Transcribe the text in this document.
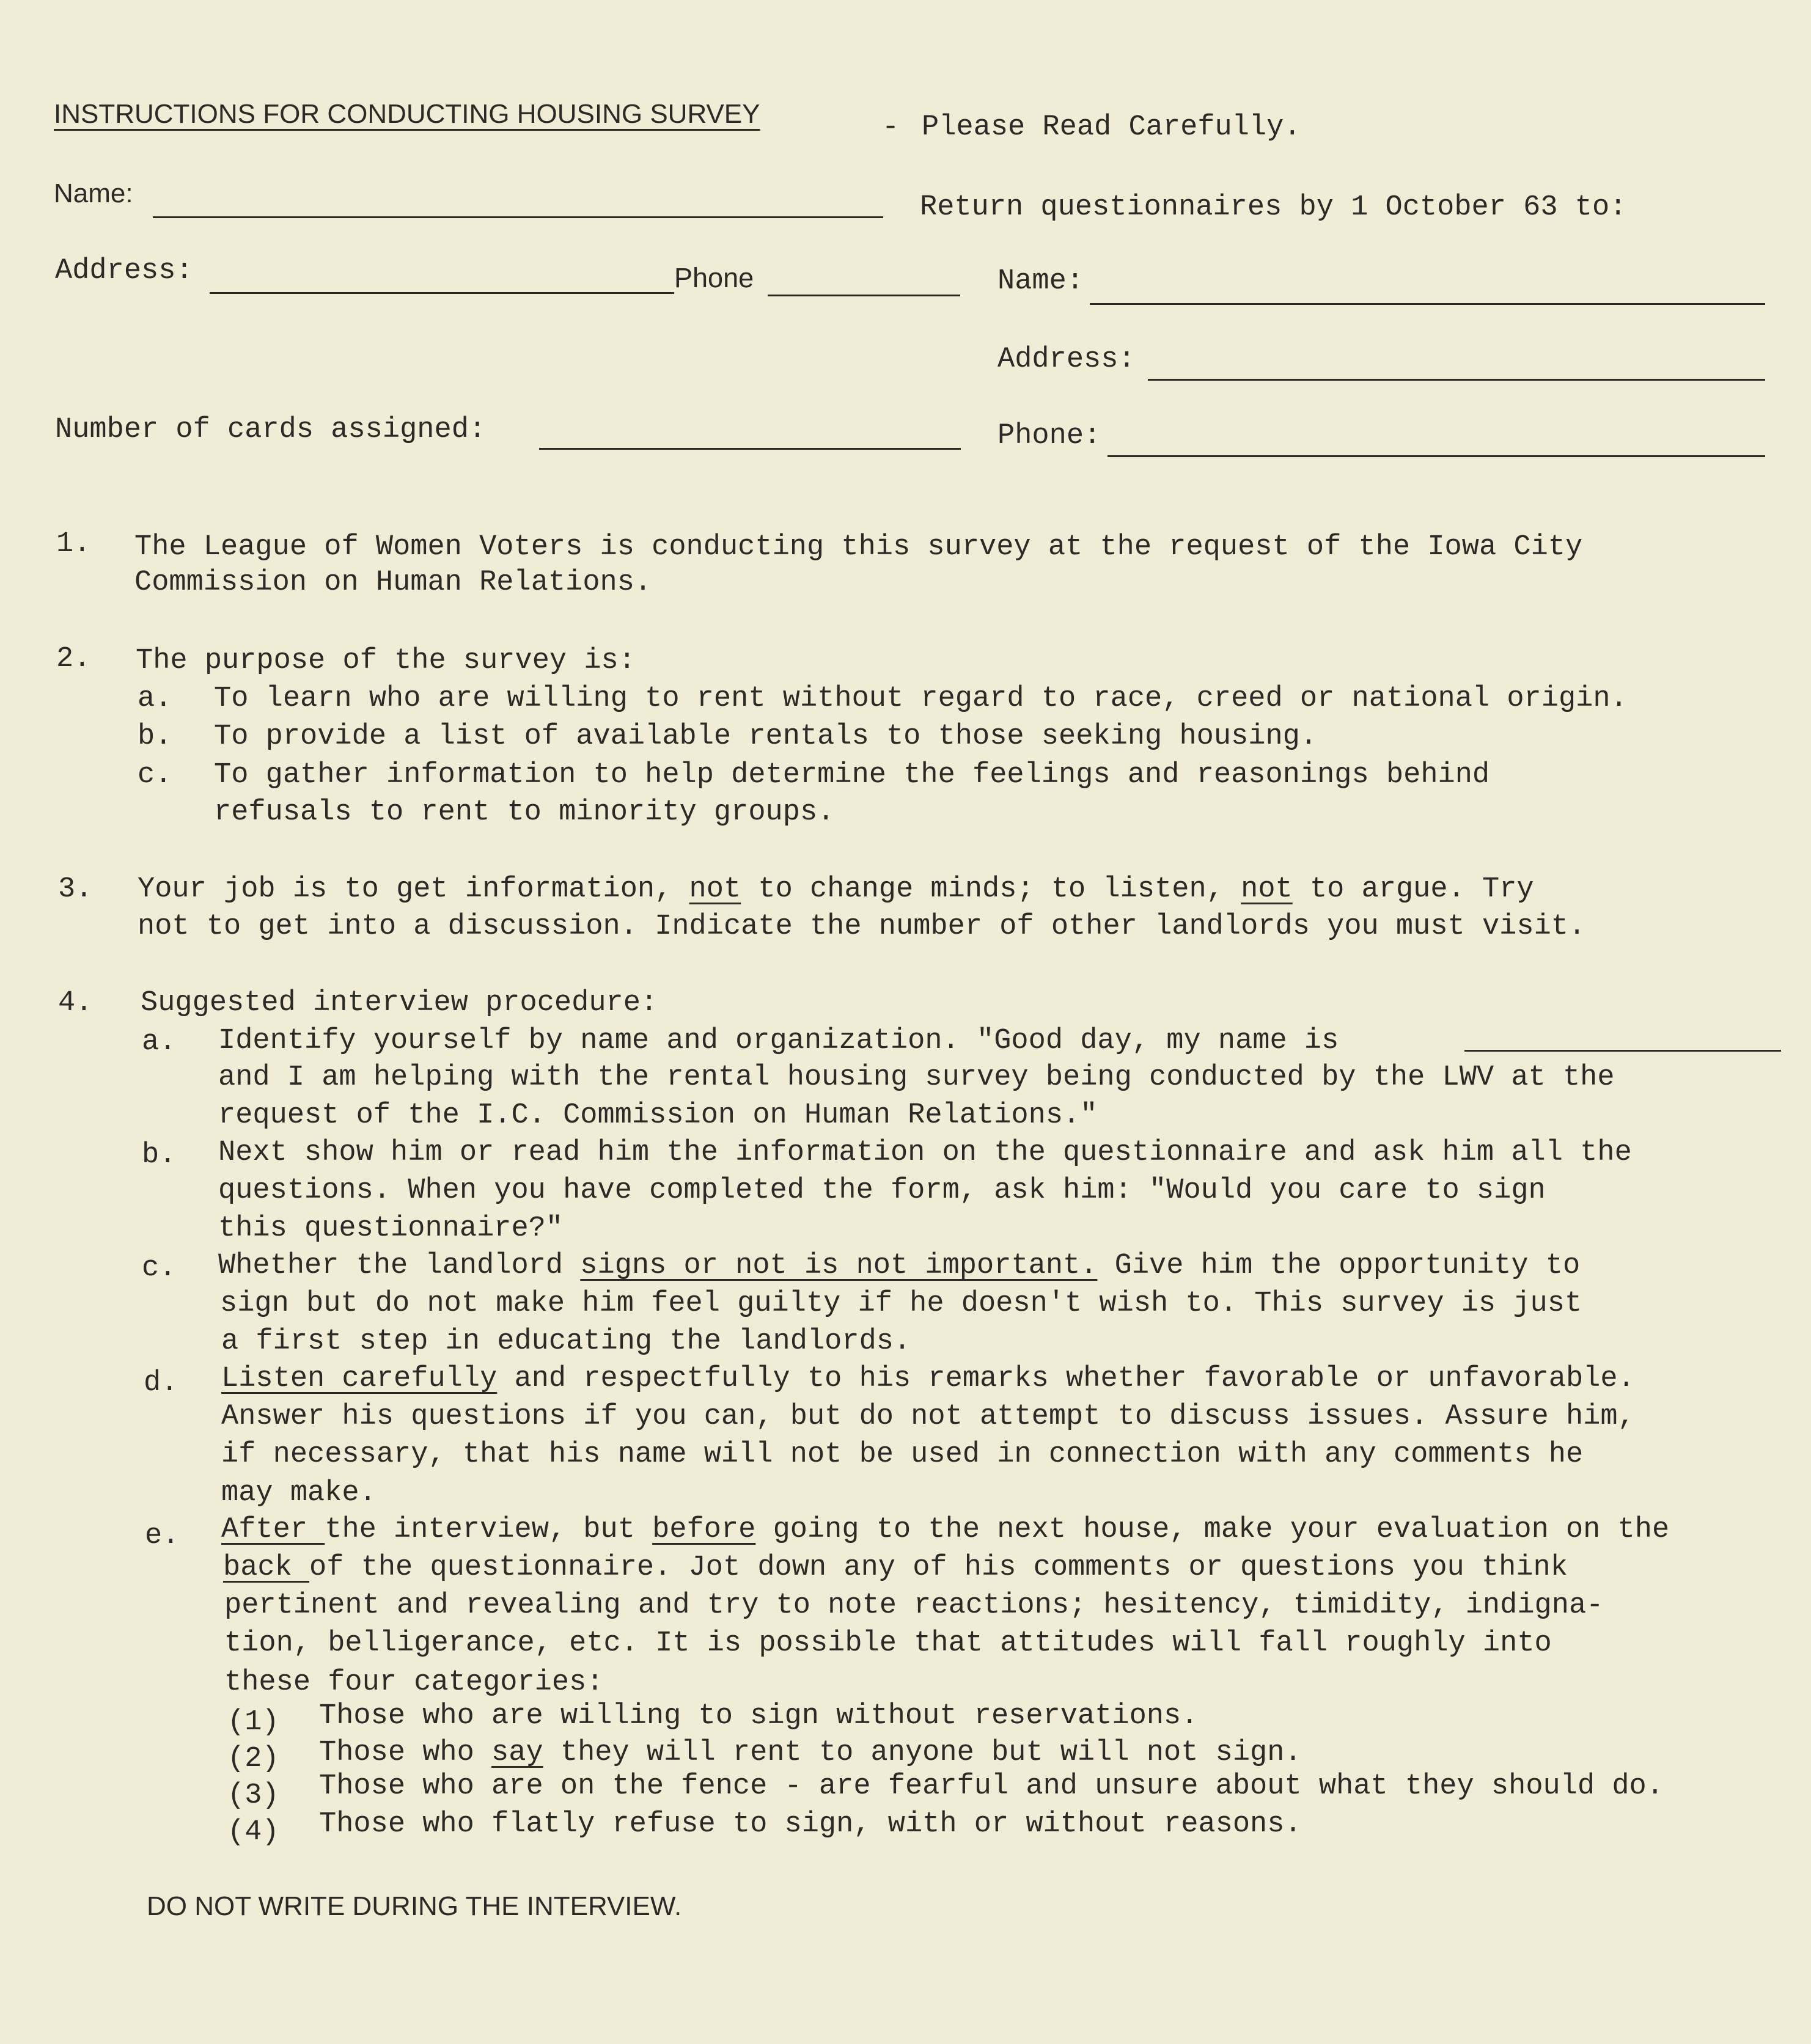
INSTRUCTIONS FOR CONDUCTING HOUSING SURVEY	- Please Read Carefully.
Name:	Return questionnaires by 1 October 63 to:
Address:	Phone	Name:
Address:
Number of cards assigned:	Phone:
1. The League of Women Voters is conducting this survey at the request of the Iowa City
Commission on Human Relations.
2. The purpose of the survey is:
a. To learn who are willing to rent without regard to race, creed or national origin.
b. To provide a list of available rentals to those seeking housing.
c. To gather information to help determine the feelings and reasonings behind
refusals to rent to minority groups.
3. Your job is to get information, not to change minds; to listen, not to argue. Try
not to get into a discussion. Indicate the number of other landlords you must visit.
4. Suggested interview procedure:
a. Identify yourself by name and organization. "Good day, my name is
and I am helping with the rental housing survey being conducted by the LWV at the
request of the I.C. Commission on Human Relations."
b. Next show him or read him the information on the questionnaire and ask him all the
questions. When you have completed the form, ask him: "Would you care to sign
this questionnaire?"
c. Whether the landlord signs or not is not important. Give him the opportunity to
sign but do not make him feel guilty if he doesn't wish to. This survey is just
a first step in educating the landlords.
d. Listen carefully and respectfully to his remarks whether favorable or unfavorable.
Answer his questions if you can, but do not attempt to discuss issues. Assure him,
if necessary, that his name will not be used in connection with any comments he
may make.
e. After the interview, but before going to the next house, make your evaluation on the
back of the questionnaire. Jot down any of his comments or questions you think
pertinent and revealing and try to note reactions; hesitency, timidity, indigna-
tion, belligerance, etc. It is possible that attitudes will fall roughly into
these four categories:
(1) Those who are willing to sign without reservations.
(2) Those who say they will rent to anyone but will not sign.
(3) Those who are on the fence - are fearful and unsure about what they should do.
(4) Those who flatly refuse to sign, with or without reasons.
DO NOT WRITE DURING THE INTERVIEW.
